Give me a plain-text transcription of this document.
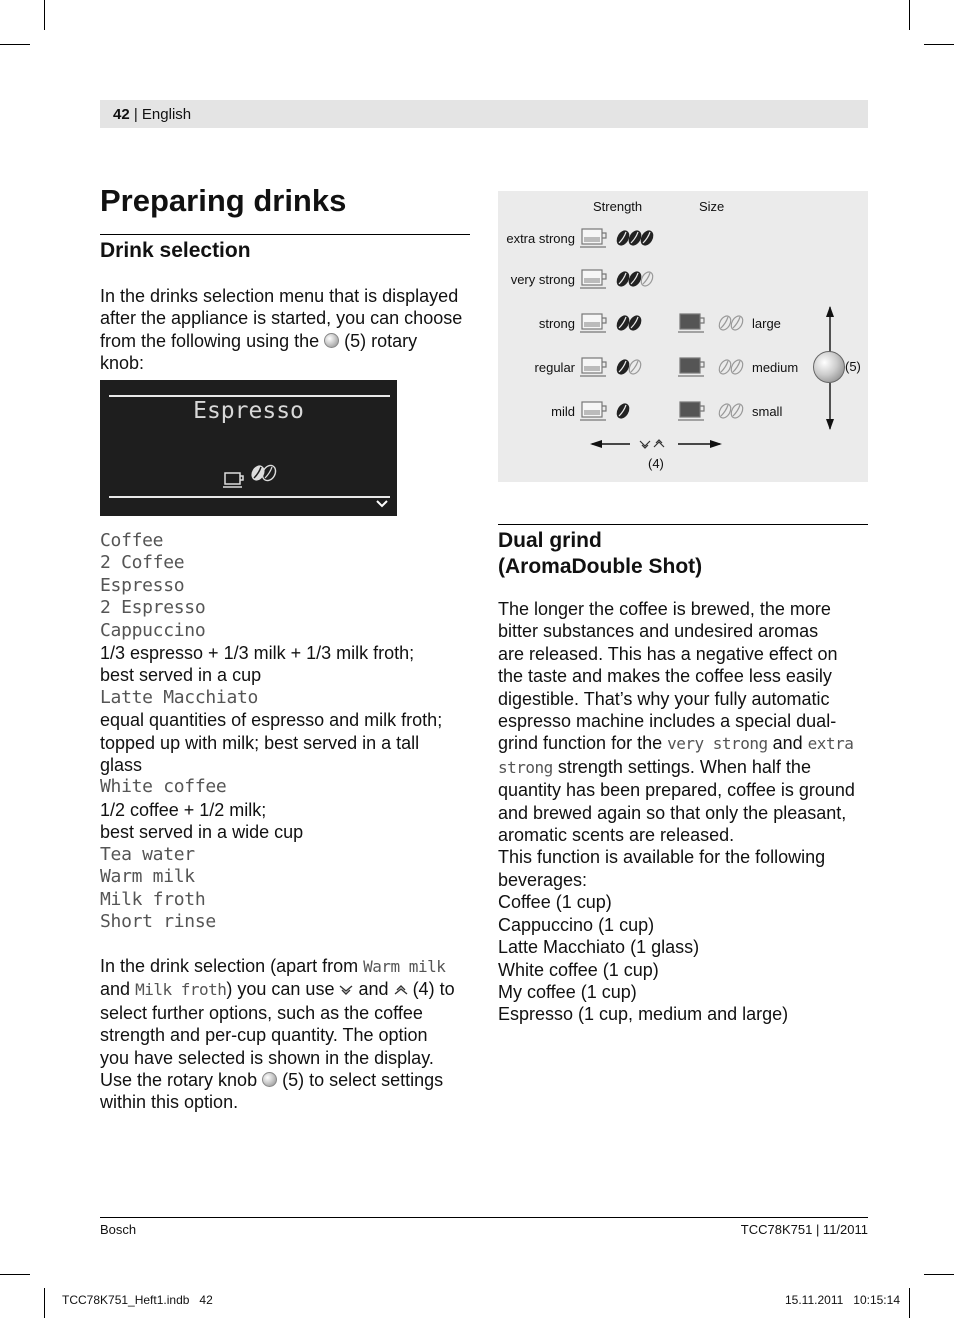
42 | English
Preparing drinks
Drink selection

In the drinks selection menu that is displayed
after the appliance is started, you can choose
from the following using the (5) rotary
knob:

Espresso
Coffee
2 Coffee
Espresso
2 Espresso
Cappuccino
1/3 espresso + 1/3 milk + 1/3 milk froth;
best served in a cup
Latte Macchiato
equal quantities of espresso and milk froth;
topped up with milk; best served in a tall
glass
White coffee
1/2 coffee + 1/2 milk;
best served in a wide cup
Tea water
Warm milk
Milk froth
Short rinse

In the drink selection (apart from Warm milk
and Milk froth) you can use and (4) to
select further options, such as the coffee
strength and per-cup quantity. The option
you have selected is shown in the display.
Use the rotary knob (5) to select settings
within this option.

Strength	Size
extra strong
very strong
strong
regular
mild
large
medium
small
(5)
(4)
Dual grind
(AromaDouble Shot)

The longer the coffee is brewed, the more
bitter substances and undesired aromas
are released. This has a negative effect on
the taste and makes the coffee less easily
digestible. That’s why your fully automatic
espresso machine includes a special dual-
grind function for the very strong and extra
strong strength settings. When half the
quantity has been prepared, coffee is ground
and brewed again so that only the pleasant,
aromatic scents are released.
This function is available for the following
beverages:
Coffee (1 cup)
Cappuccino (1 cup)
Latte Macchiato (1 glass)
White coffee (1 cup)
My coffee (1 cup)
Espresso (1 cup, medium and large)

Bosch	TCC78K751 | 11/2011
TCC78K751_Heft1.indb   42	15.11.2011   10:15:14
